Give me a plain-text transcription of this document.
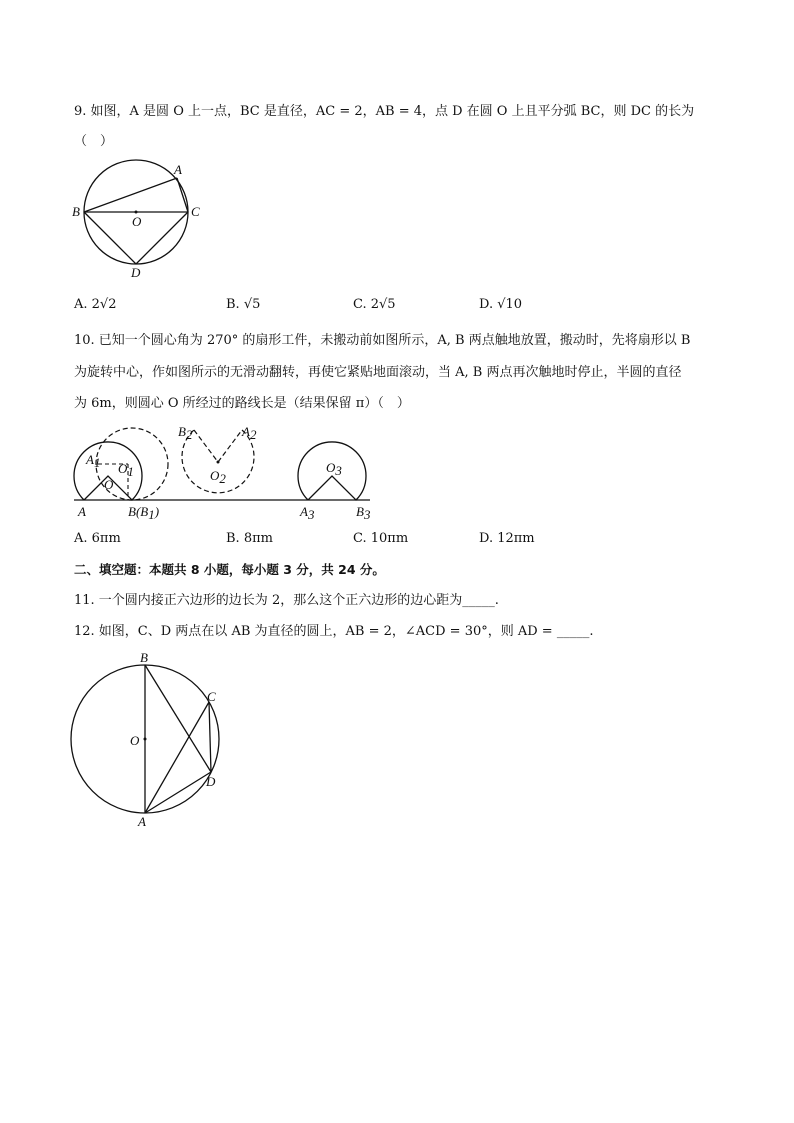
9. 如图，A 是圆 O 上一点，BC 是直径，AC = 2，AB = 4，点 D 在圆 O 上且平分弧 BC，则 DC 的长为
（　）
A
B	C
O
D
A. 2√2	B. √5	C. 2√5	D. √10
10. 已知一个圆心角为 270° 的扇形工件，未搬动前如图所示，A, B 两点触地放置，搬动时，先将扇形以 B
为旋转中心，作如图所示的无滑动翻转，再使它紧贴地面滚动，当 A, B 两点再次触地时停止，半圆的直径
为 6m，则圆心 O 所经过的路线长是（结果保留 π）（　）
A1 O1
O
A	B(B1)
B2	A2
O2
O3
A3	B3
A. 6πm	B. 8πm	C. 10πm	D. 12πm
二、填空题：本题共 8 小题，每小题 3 分，共 24 分。
11. 一个圆内接正六边形的边长为 2，那么这个正六边形的边心距为_____.
12. 如图，C、D 两点在以 AB 为直径的圆上，AB = 2，∠ACD = 30°，则 AD = _____.
B
C
O
D
A
